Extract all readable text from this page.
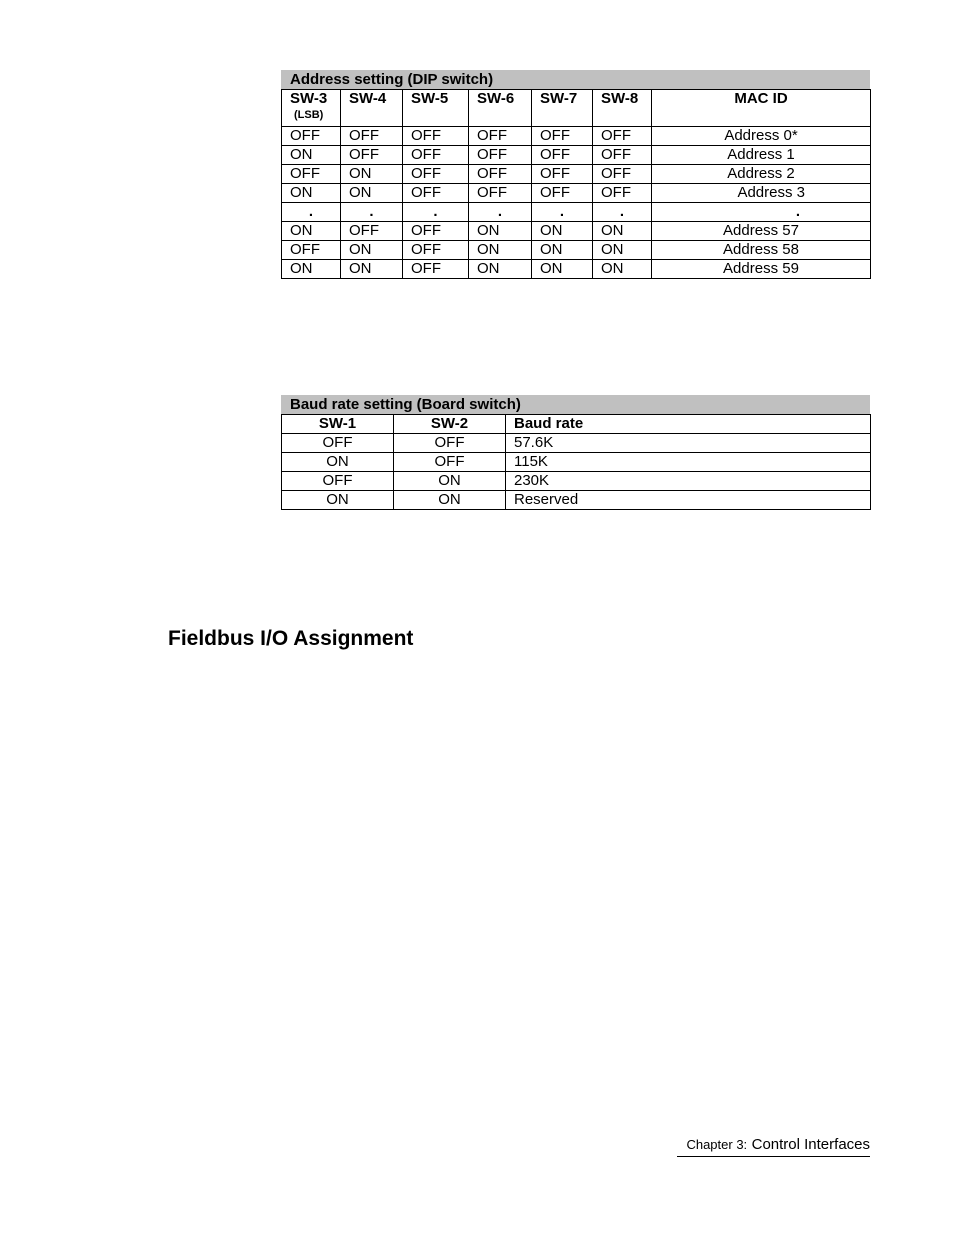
Address setting (DIP switch)
SW-3
(LSB)	SW-4	SW-5	SW-6	SW-7	SW-8	MAC ID
OFF	OFF	OFF	OFF	OFF	OFF	Address 0*
ON	OFF	OFF	OFF	OFF	OFF	Address 1
OFF	ON	OFF	OFF	OFF	OFF	Address 2
ON	ON	OFF	OFF	OFF	OFF	Address 3
.	.	.	.	.	.	.
ON	OFF	OFF	ON	ON	ON	Address 57
OFF	ON	OFF	ON	ON	ON	Address 58
ON	ON	OFF	ON	ON	ON	Address 59
Baud rate setting (Board switch)
SW-1	SW-2	Baud rate
OFF	OFF	57.6K
ON	OFF	115K
OFF	ON	230K
ON	ON	Reserved
Fieldbus I/O Assignment
Chapter 3: Control Interfaces
